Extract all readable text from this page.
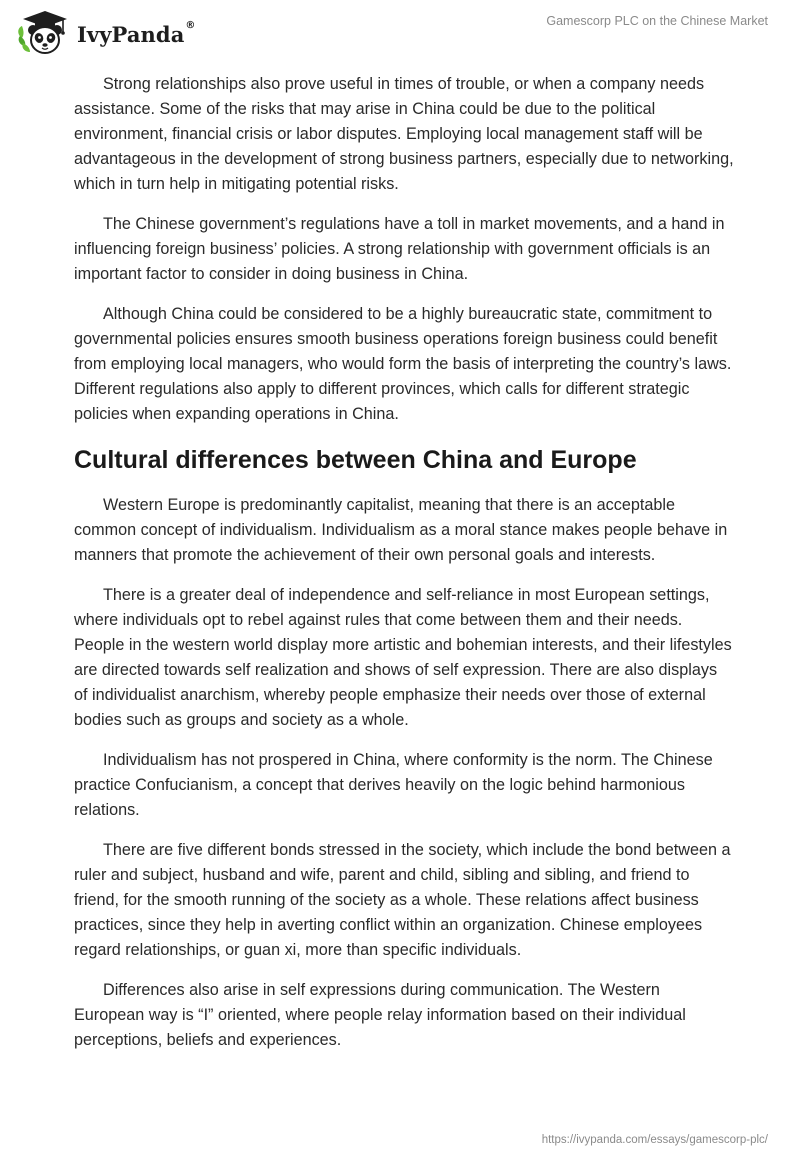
IvyPanda®	Gamescorp PLC on the Chinese Market

Strong relationships also prove useful in times of trouble, or when a company needs assistance. Some of the risks that may arise in China could be due to the political environment, financial crisis or labor disputes. Employing local management staff will be advantageous in the development of strong business partners, especially due to networking, which in turn help in mitigating potential risks.

The Chinese government’s regulations have a toll in market movements, and a hand in influencing foreign business’ policies. A strong relationship with government officials is an important factor to consider in doing business in China.

Although China could be considered to be a highly bureaucratic state, commitment to governmental policies ensures smooth business operations foreign business could benefit from employing local managers, who would form the basis of interpreting the country’s laws. Different regulations also apply to different provinces, which calls for different strategic policies when expanding operations in China.

Cultural differences between China and Europe

Western Europe is predominantly capitalist, meaning that there is an acceptable common concept of individualism. Individualism as a moral stance makes people behave in manners that promote the achievement of their own personal goals and interests.

There is a greater deal of independence and self-reliance in most European settings, where individuals opt to rebel against rules that come between them and their needs. People in the western world display more artistic and bohemian interests, and their lifestyles are directed towards self realization and shows of self expression. There are also displays of individualist anarchism, whereby people emphasize their needs over those of external bodies such as groups and society as a whole.

Individualism has not prospered in China, where conformity is the norm. The Chinese practice Confucianism, a concept that derives heavily on the logic behind harmonious relations.

There are five different bonds stressed in the society, which include the bond between a ruler and subject, husband and wife, parent and child, sibling and sibling, and friend to friend, for the smooth running of the society as a whole. These relations affect business practices, since they help in averting conflict within an organization. Chinese employees regard relationships, or guan xi, more than specific individuals.

Differences also arise in self expressions during communication. The Western European way is “I” oriented, where people relay information based on their individual perceptions, beliefs and experiences.

https://ivypanda.com/essays/gamescorp-plc/
